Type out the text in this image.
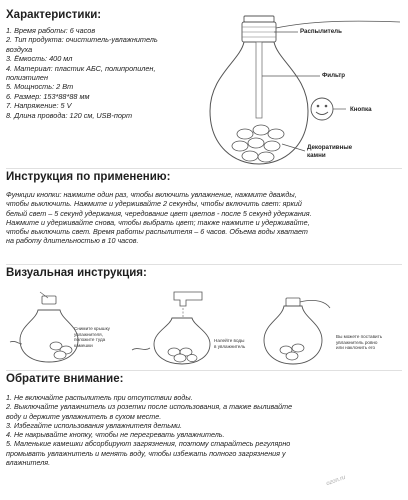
Характеристики:
1. Время работы: 6 часов
2. Тип продукта: очиститель-увлажнитель
воздуха
3. Ёмкость: 400 мл
4. Материал: пластик АБС, полипропилен,
полиэтилен
5. Мощность: 2 Вт
6. Размер: 153*88*88 мм
7. Напряжение: 5 V
8. Длина провода: 120 см, USB-порт
Распылитель
Фильтр
Кнопка
Декоративные
камни
Инструкция по применению:
Функции кнопки: нажмите один раз, чтобы включить увлажнение, нажмите дважды,
чтобы выключить. Нажмите и удерживайте 2 секунды, чтобы включить свет: яркий
белый свет – 5 секунд удержания, чередование цвет цветов - после 5 секунд удержания.
Нажмите и удерживайте снова, чтобы выбрать цвет; также нажмите и удерживайте,
чтобы выключить свет. Время работы распылителя – 6 часов. Объема воды хватает
на работу длительностью в 10 часов.
Визуальная инструкция:
Снимите крышку
увлажнителя,
положите туда
камешки
Налейте воды
в увлажнитель
Вы можете поставить
увлажнитель ровно
или наклонить его
Обратите внимание:
1. Не включайте распылитель при отсутствии воды.
2. Выключайте увлажнитель из розетки после использования, а также выливайте
воду и держите увлажнитель в сухом месте.
3. Избегайте использования увлажнителя детьми.
4. Не накрывайте кнопку, чтобы не перегревать увлажнитель.
5. Маленькие камешки абсорбируют загрязнения, поэтому старайтесь регулярно
промывать увлажнитель и менять воду, чтобы избежать полного загрязнения у
влажнителя.
ozon.ru
